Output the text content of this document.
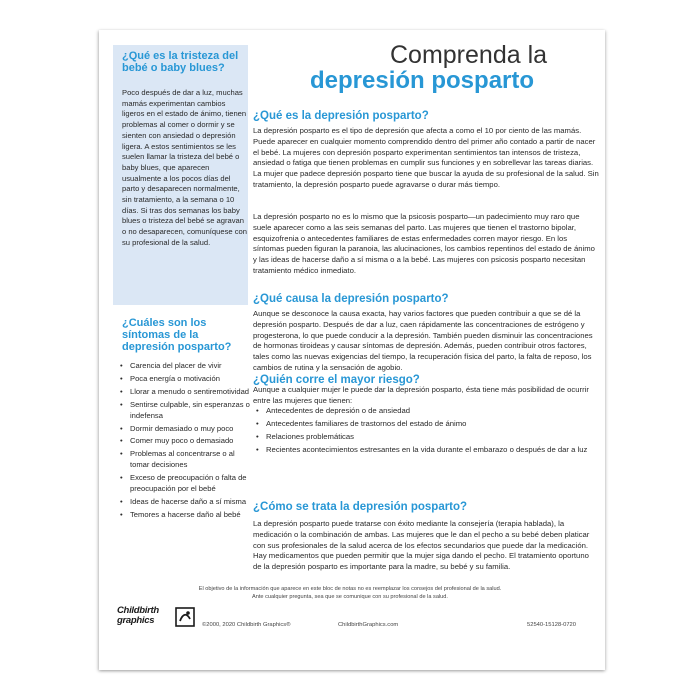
¿Qué es la tristeza del bebé o baby blues?

Poco después de dar a luz, muchas mamás experimentan cambios ligeros en el estado de ánimo, tienen problemas al comer o dormir y se sienten con ansiedad o depresión ligera. A estos sentimientos se les suelen llamar la tristeza del bebé o baby blues, que aparecen usualmente a los pocos días del parto y desaparecen normalmente, sin tratamiento, a la semana o 10 días. Si tras dos semanas los baby blues o tristeza del bebé se agravan o no desaparecen, comuníquese con su profesional de la salud.

¿Cuáles son los síntomas de la depresión posparto?
• Carencia del placer de vivir
• Poca energía o motivación
• Llorar a menudo o sentiremotividad
• Sentirse culpable, sin esperanzas o indefensa
• Dormir demasiado o muy poco
• Comer muy poco o demasiado
• Problemas al concentrarse o al tomar decisiones
• Exceso de preocupación o falta de preocupación por el bebé
• Ideas de hacerse daño a sí misma
• Temores a hacerse daño al bebé
Comprenda la
depresión posparto
¿Qué es la depresión posparto?

La depresión posparto es el tipo de depresión que afecta a como el 10 por ciento de las mamás. Puede aparecer en cualquier momento comprendido dentro del primer año contado a partir de nacer el bebé. La mujeres con depresión posparto experimentan sentimientos tan intensos de tristeza, ansiedad o fatiga que tienen problemas en cumplir sus funciones y en sobrellevar las tareas diarias. La mujer que padece depresión posparto tiene que buscar la ayuda de su profesional de la salud. Sin tratamiento, la depresión posparto puede agravarse o durar más tiempo.

La depresión posparto no es lo mismo que la psicosis posparto—un padecimiento muy raro que suele aparecer como a las seis semanas del parto. Las mujeres que tienen el trastorno bipolar, esquizofrenia o antecedentes familiares de estas enfermedades corren mayor riesgo. En los síntomas pueden figuran la paranoia, las alucinaciones, los cambios repentinos del estado de ánimo y las ideas de hacerse daño a sí misma o a la bebé. Las mujeres con psicosis posparto necesitan tratamiento médico inmediato.

¿Qué causa la depresión posparto?

Aunque se desconoce la causa exacta, hay varios factores que pueden contribuir a que se dé la depresión posparto. Después de dar a luz, caen rápidamente las concentraciones de estrógeno y progesterona, lo que puede conducir a la depresión. También pueden disminuir las concentraciones de hormonas tiroideas y causar síntomas de depresión. Además, pueden contribuir otros factores, tales como las nuevas exigencias del tiempo, la recuperación física del parto, la falta de reposo, los cambios de rutina y la sensación de agobio.

¿Quién corre el mayor riesgo?

Aunque a cualquier mujer le puede dar la depresión posparto, ésta tiene más posibilidad de ocurrir entre las mujeres que tienen:

• Antecedentes de depresión o de ansiedad
• Antecedentes familiares de trastornos del estado de ánimo
• Relaciones problemáticas
• Recientes acontecimientos estresantes en la vida durante el embarazo o después de dar a luz
¿Cómo se trata la depresión posparto?

La depresión posparto puede tratarse con éxito mediante la consejería (terapia hablada), la medicación o la combinación de ambas. Las mujeres que le dan el pecho a su bebé deben platicar con sus profesionales de la salud acerca de los efectos secundarios que puede dar la medicación. Hay medicamentos que pueden permitir que la mujer siga dando el pecho. El tratamiento oportuno de la depresión posparto es importante para la madre, su bebé y su familia.

El objetivo de la información que aparece en este bloc de notas no es reemplazar los consejos del profesional de la salud.
Ante cualquier pregunta, sea que se comunique con su profesional de la salud.
Childbirth
graphics	©2000, 2020 Childbirth Graphics®	ChildbirthGraphics.com	52540-15128-0720
